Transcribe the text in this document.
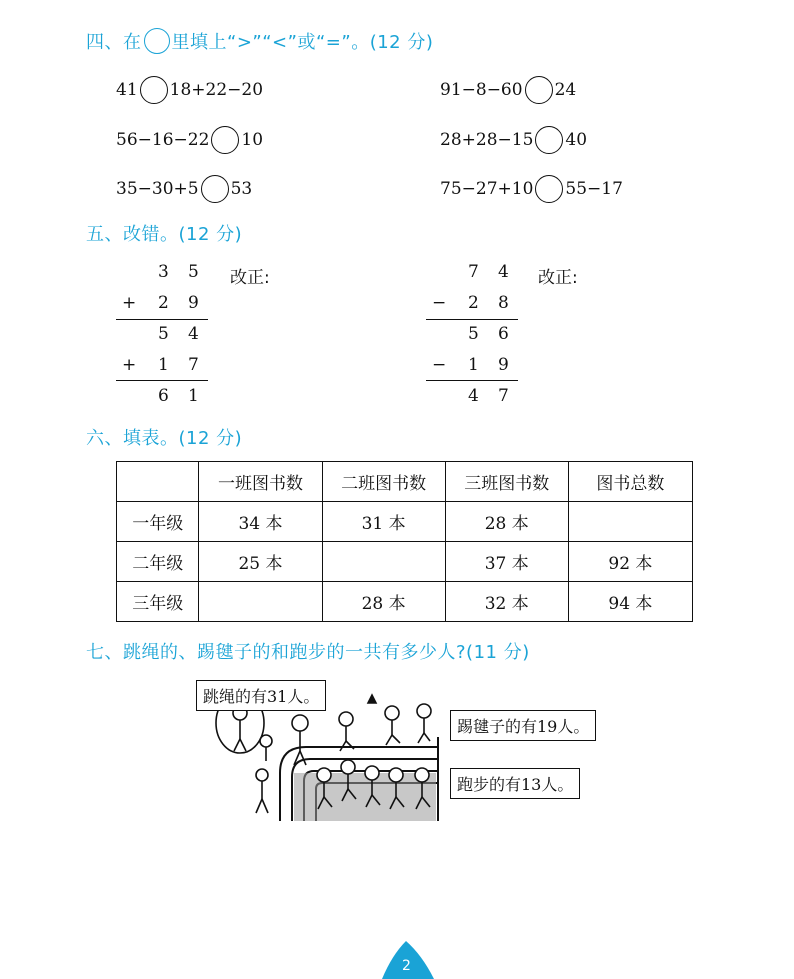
四、在 里填上“>”“<”或“=”。(12 分)
41 18+22−20	91−8−60 24
56−16−22 10	28+28−15 40
35−30+5 53	75−27+10 55−17
五、改错。(12 分)
3 5
+ 2 9
5 4
+ 1 7
6 1
改正:	7 4
− 2 8
5 6
− 1 9
4 7
改正:
六、填表。(12 分)
	一班图书数	二班图书数	三班图书数	图书总数
一年级	34 本	31 本	28 本	
二年级	25 本		37 本	92 本
三年级		28 本	32 本	94 本
七、跳绳的、踢毽子的和跑步的一共有多少人?(11 分)
跳绳的有31人。
踢毽子的有19人。
跑步的有13人。
2
